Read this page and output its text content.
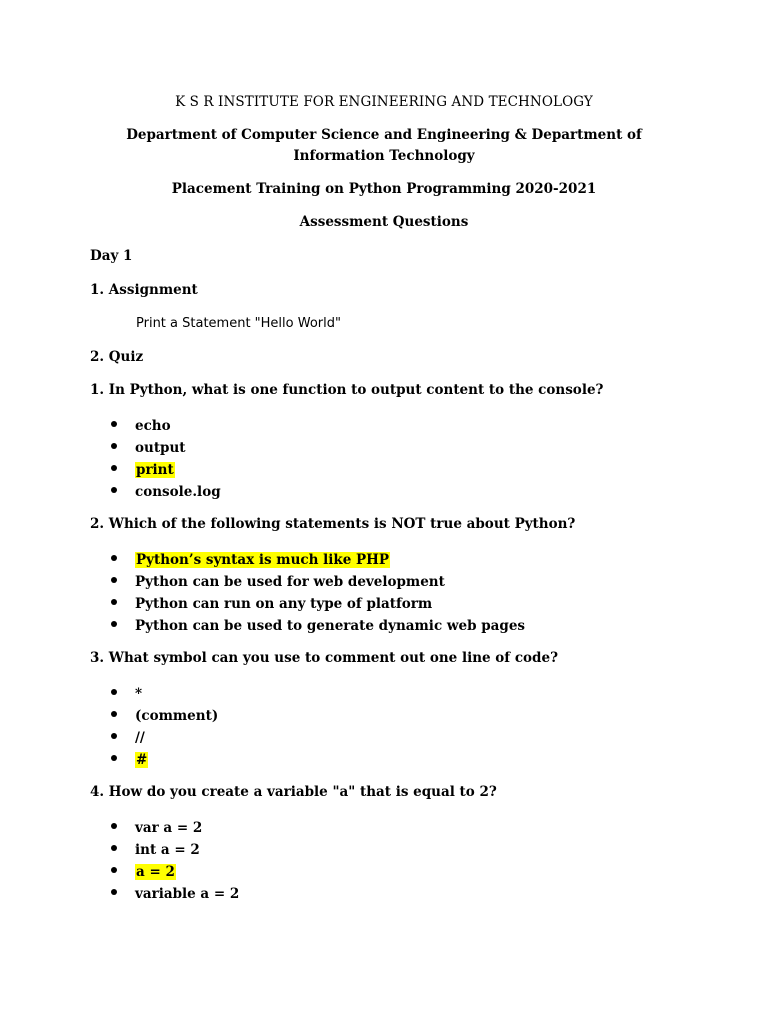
K S R INSTITUTE FOR ENGINEERING AND TECHNOLOGY
Department of Computer Science and Engineering & Department of Information Technology
Placement Training on Python Programming 2020-2021
Assessment Questions
Day 1
1. Assignment
Print a Statement "Hello World"
2. Quiz
1. In Python, what is one function to output content to the console?
echo
output
print
console.log
2. Which of the following statements is NOT true about Python?
Python’s syntax is much like PHP
Python can be used for web development
Python can run on any type of platform
Python can be used to generate dynamic web pages
3. What symbol can you use to comment out one line of code?
*
(comment)
//
#
4. How do you create a variable "a" that is equal to 2?
var a = 2
int a = 2
a = 2
variable a = 2
